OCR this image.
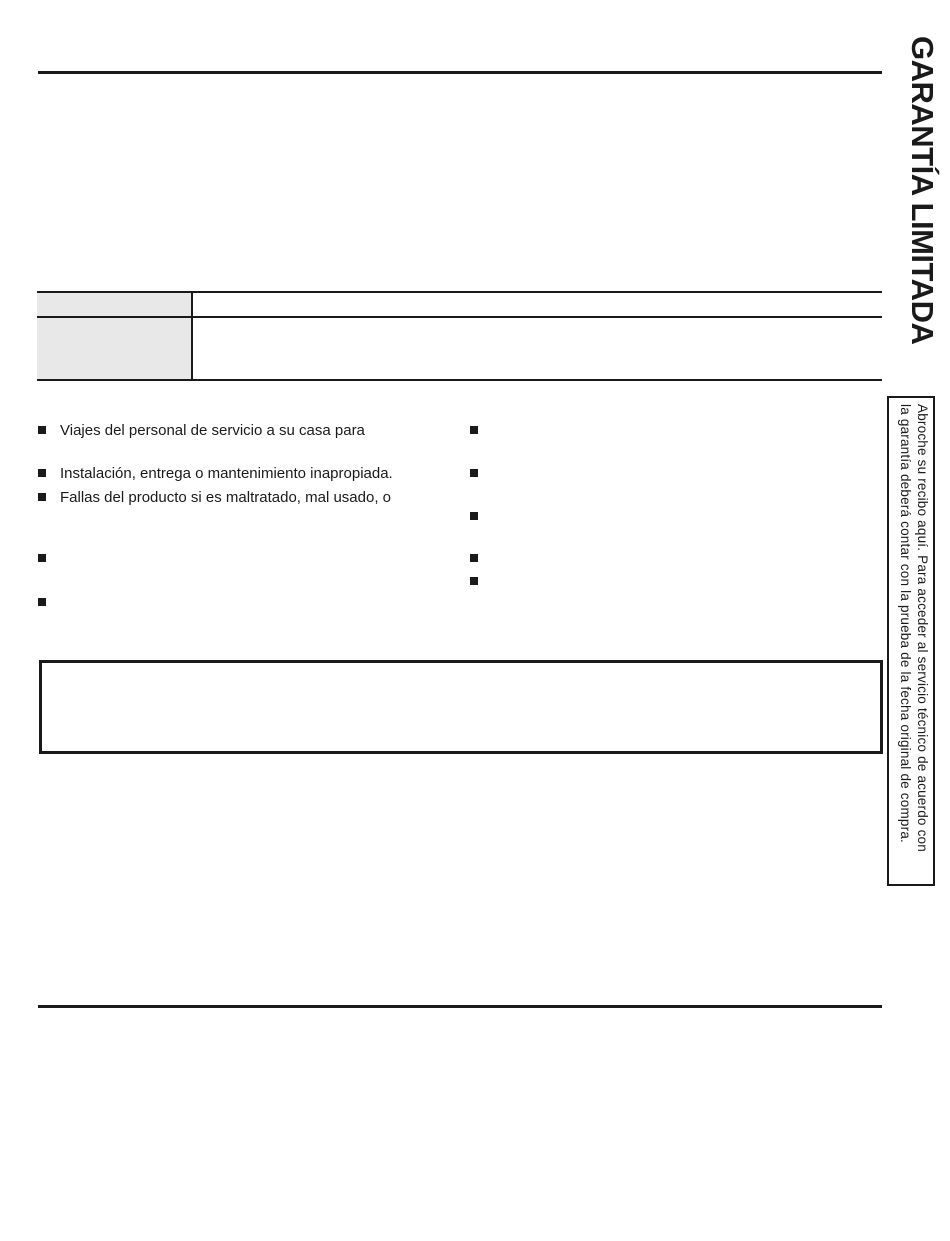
Viajes del personal de servicio a su casa para
Instalación, entrega o mantenimiento inapropiada.
Fallas del producto si es maltratado, mal usado, o
GARANTÍA LIMITADA
Abroche su recibo aquí. Para acceder al servicio técnico de acuerdo con
la garantía deberá contar con la prueba de la fecha original de compra.
